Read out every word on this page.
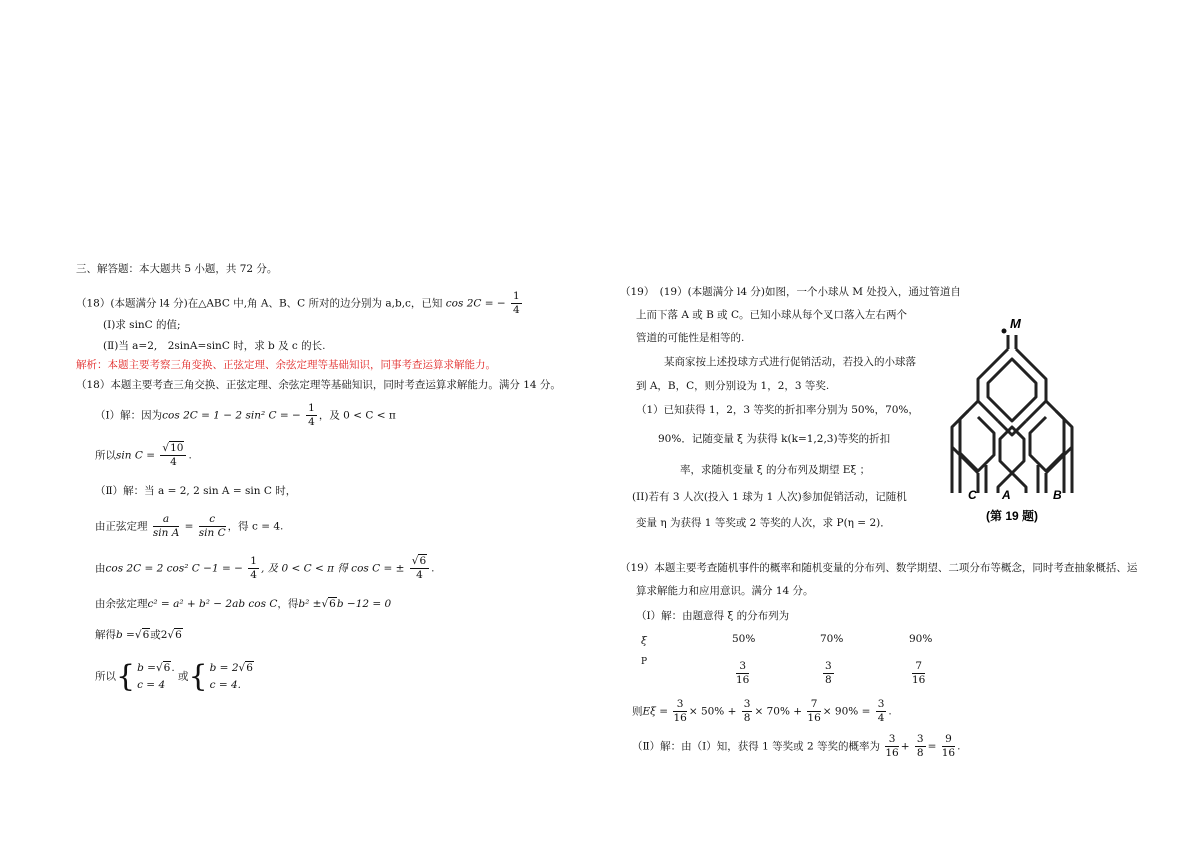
三、解答题：本大题共 5 小题，共 72 分。
（18）(本题满分 l4 分)在△ABC 中,角 A、B、C 所对的边分别为 a,b,c，已知 cos 2C = − $\frac{1}{4}$
(I)求 sinC 的值;
(Ⅱ)当 a=2,　2sinA=sinC 时，求 b 及 c 的长.
解析：本题主要考察三角变换、正弦定理、余弦定理等基础知识，同事考查运算求解能力。
（18）本题主要考查三角交换、正弦定理、余弦定理等基础知识，同时考查运算求解能力。满分 14 分。
（Ⅰ）解：因为cos 2C = 1 − 2 sin² C = − $\frac{1}{4}$ ，及 0 < C < π
所以$\sin C = \frac{√10}{4}$ .
（Ⅱ）解：当 a = 2, 2 sin A = sin C 时，
由正弦定理 $\frac{a}{\text{sin A}} = \frac{c}{\text{sin C}}$ ，得 c = 4.
由cos 2C = 2 cos² C −1 = − $\frac{1}{4}$ , 及 0 < C < π 得 cos C = ± $\frac{√6}{4}$ .
由余弦定理c² = a² + b² − 2ab cos C，得b² ±√6b −12 = 0
解得b =√6或2√6
所以{ b =√6.
c = 4 或{ b = 2√6
c = 4.
（19）　(19）(本题满分 l4 分)如图，一个小球从 M 处投入，通过管道自
上而下落 A 或 B 或 C。已知小球从每个叉口落入左右两个
管道的可能性是相等的.
某商家按上述投球方式进行促销活动，若投入的小球落
到 A，B，C，则分别设为 1，2，3 等奖.
（1）已知获得 1，2，3 等奖的折扣率分别为 50%，70%，
90%．记随变量 ξ 为获得 k(k=1,2,3)等奖的折扣
率，求随机变量 ξ 的分布列及期望 Eξ ；
(II)若有 3 人次(投入 1 球为 1 人次)参加促销活动，记随机
变量 η 为获得 1 等奖或 2 等奖的人次，求 P(η = 2)．
M
C A	B
(第 19 题)
（19）本题主要考查随机事件的概率和随机变量的分布列、数学期望、二项分布等概念，同时考查抽象概括、运
算求解能力和应用意识。满分 14 分。
（Ⅰ）解：由题意得 ξ 的分布列为
ξ	50%	70%	90%
P	$\frac{3}{16}$	$\frac{3}{8}$	$\frac{7}{16}$
则$E\xi = \frac{3}{16} \times 50\% + \frac{3}{8} \times 70\% + \frac{7}{16} \times 90\% = \frac{3}{4}$ .
（Ⅱ）解：由（Ⅰ）知，获得 1 等奖或 2 等奖的概率为 $\frac{3}{16} + \frac{3}{8} = \frac{9}{16}$ .
